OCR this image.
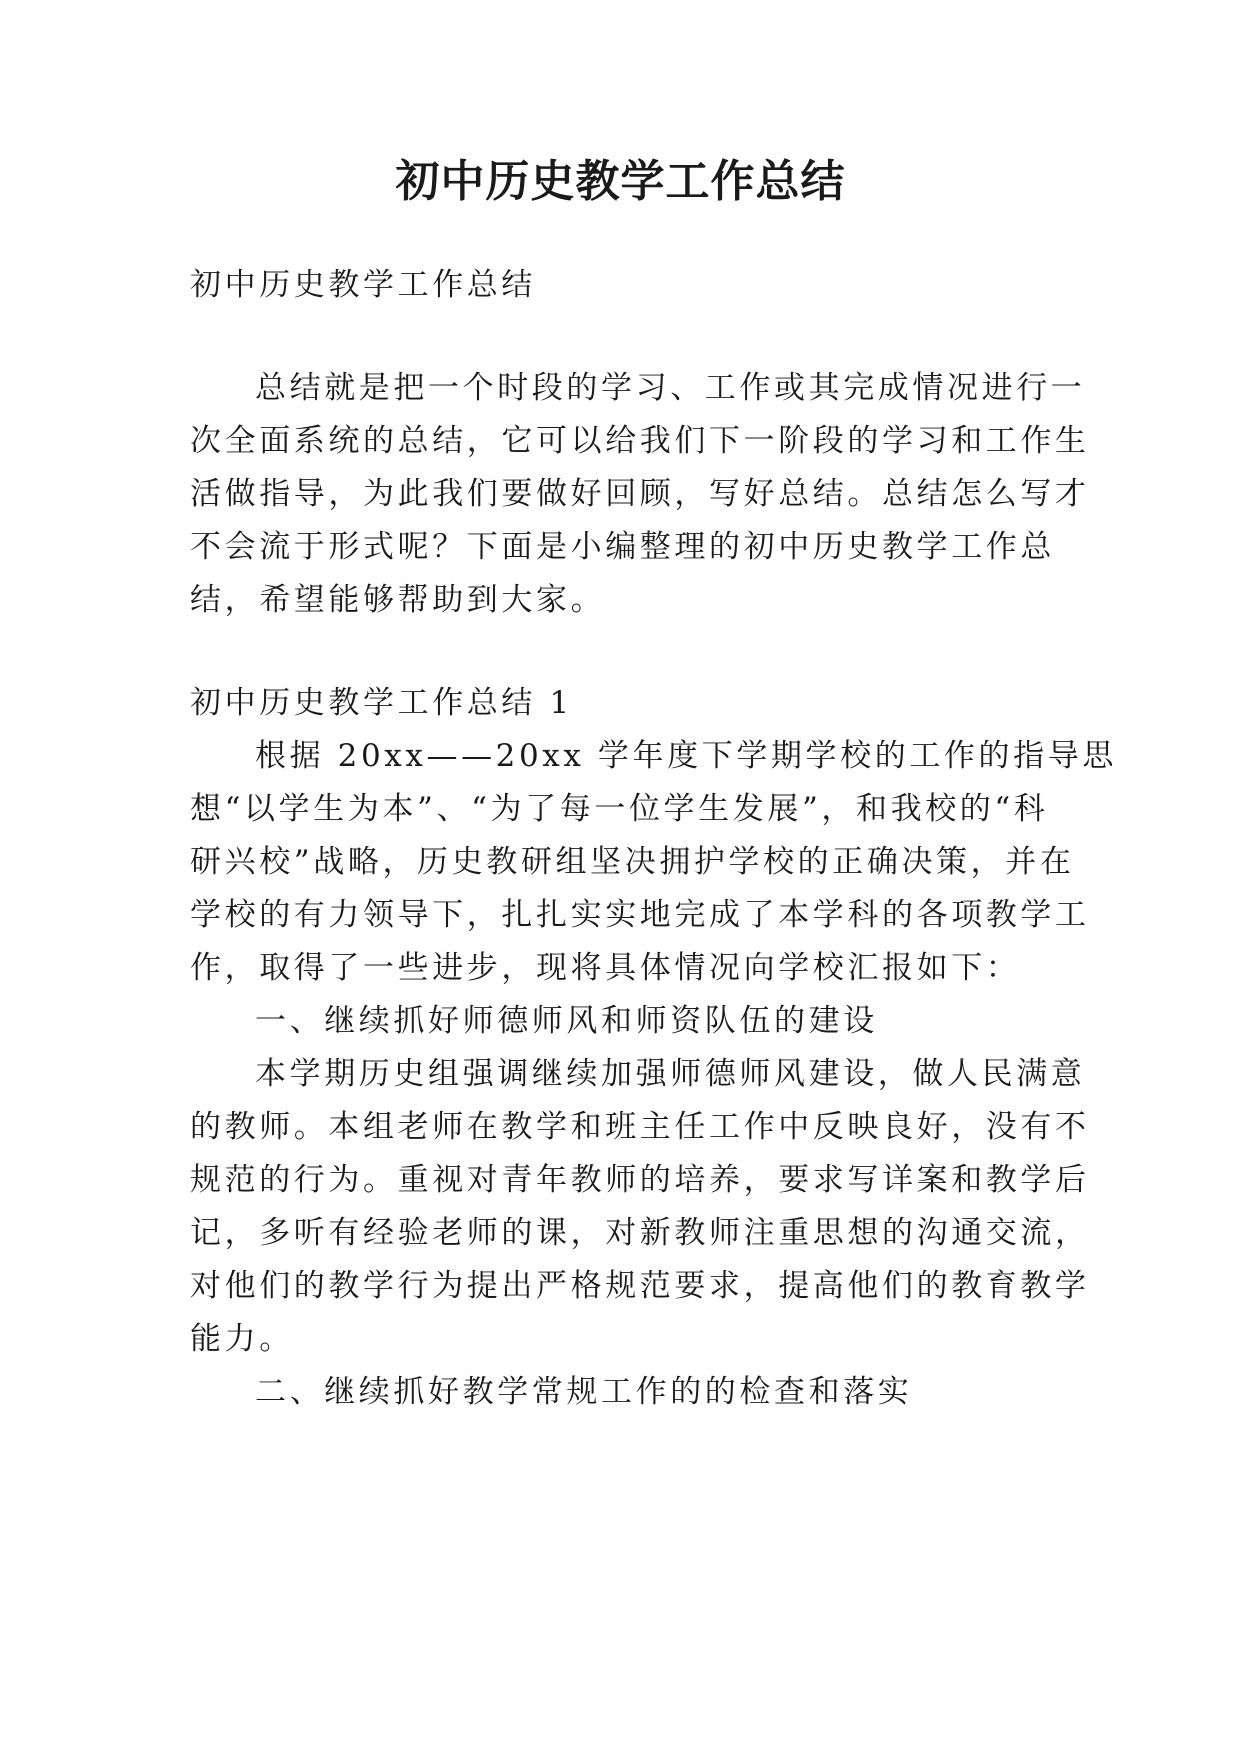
初中历史教学工作总结

初中历史教学工作总结

总结就是把一个时段的学习、工作或其完成情况进行一

次全面系统的总结，它可以给我们下一阶段的学习和工作生

活做指导，为此我们要做好回顾，写好总结。总结怎么写才

不会流于形式呢？下面是小编整理的初中历史教学工作总

结，希望能够帮助到大家。

初中历史教学工作总结 1

根据 20xx——20xx 学年度下学期学校的工作的指导思

想“以学生为本”、“为了每一位学生发展”，和我校的“科

研兴校”战略，历史教研组坚决拥护学校的正确决策，并在

学校的有力领导下，扎扎实实地完成了本学科的各项教学工

作，取得了一些进步，现将具体情况向学校汇报如下：

一、继续抓好师德师风和师资队伍的建设

本学期历史组强调继续加强师德师风建设，做人民满意

的教师。本组老师在教学和班主任工作中反映良好，没有不

规范的行为。重视对青年教师的培养，要求写详案和教学后

记，多听有经验老师的课，对新教师注重思想的沟通交流，

对他们的教学行为提出严格规范要求，提高他们的教育教学

能力。

二、继续抓好教学常规工作的的检查和落实
